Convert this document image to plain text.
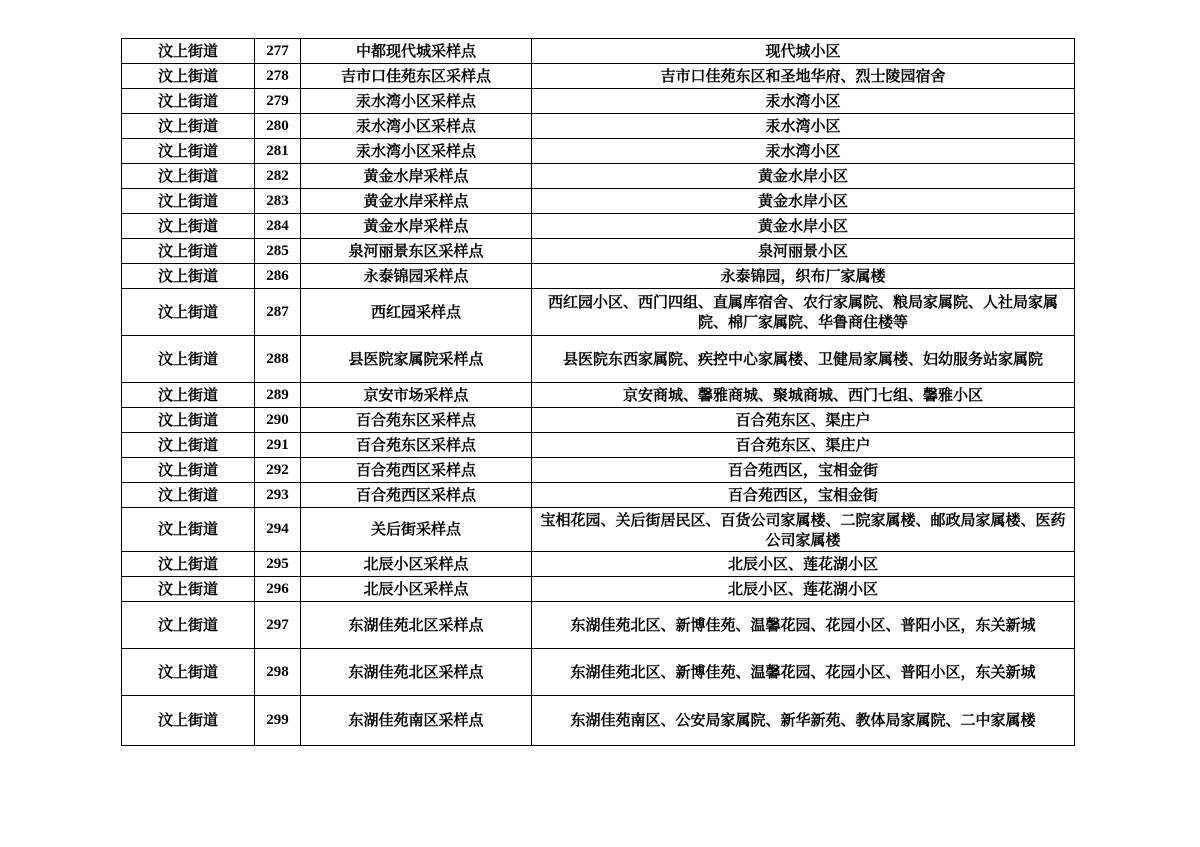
汶上街道	277	中都现代城采样点	现代城小区
汶上街道	278	吉市口佳苑东区采样点	吉市口佳苑东区和圣地华府、烈士陵园宿舍
汶上街道	279	汞水湾小区采样点	汞水湾小区
汶上街道	280	汞水湾小区采样点	汞水湾小区
汶上街道	281	汞水湾小区采样点	汞水湾小区
汶上街道	282	黄金水岸采样点	黄金水岸小区
汶上街道	283	黄金水岸采样点	黄金水岸小区
汶上街道	284	黄金水岸采样点	黄金水岸小区
汶上街道	285	泉河丽景东区采样点	泉河丽景小区
汶上街道	286	永泰锦园采样点	永泰锦园，织布厂家属楼
汶上街道	287	西红园采样点	西红园小区、西门四组、直属库宿舍、农行家属院、粮局家属院、人社局家属院、棉厂家属院、华鲁商住楼等
汶上街道	288	县医院家属院采样点	县医院东西家属院、疾控中心家属楼、卫健局家属楼、妇幼服务站家属院
汶上街道	289	京安市场采样点	京安商城、馨雅商城、聚城商城、西门七组、馨雅小区
汶上街道	290	百合苑东区采样点	百合苑东区、渠庄户
汶上街道	291	百合苑东区采样点	百合苑东区、渠庄户
汶上街道	292	百合苑西区采样点	百合苑西区，宝相金街
汶上街道	293	百合苑西区采样点	百合苑西区，宝相金街
汶上街道	294	关后街采样点	宝相花园、关后街居民区、百货公司家属楼、二院家属楼、邮政局家属楼、医药公司家属楼
汶上街道	295	北辰小区采样点	北辰小区、莲花湖小区
汶上街道	296	北辰小区采样点	北辰小区、莲花湖小区
汶上街道	297	东湖佳苑北区采样点	东湖佳苑北区、新博佳苑、温馨花园、花园小区、普阳小区，东关新城
汶上街道	298	东湖佳苑北区采样点	东湖佳苑北区、新博佳苑、温馨花园、花园小区、普阳小区，东关新城
汶上街道	299	东湖佳苑南区采样点	东湖佳苑南区、公安局家属院、新华新苑、教体局家属院、二中家属楼
